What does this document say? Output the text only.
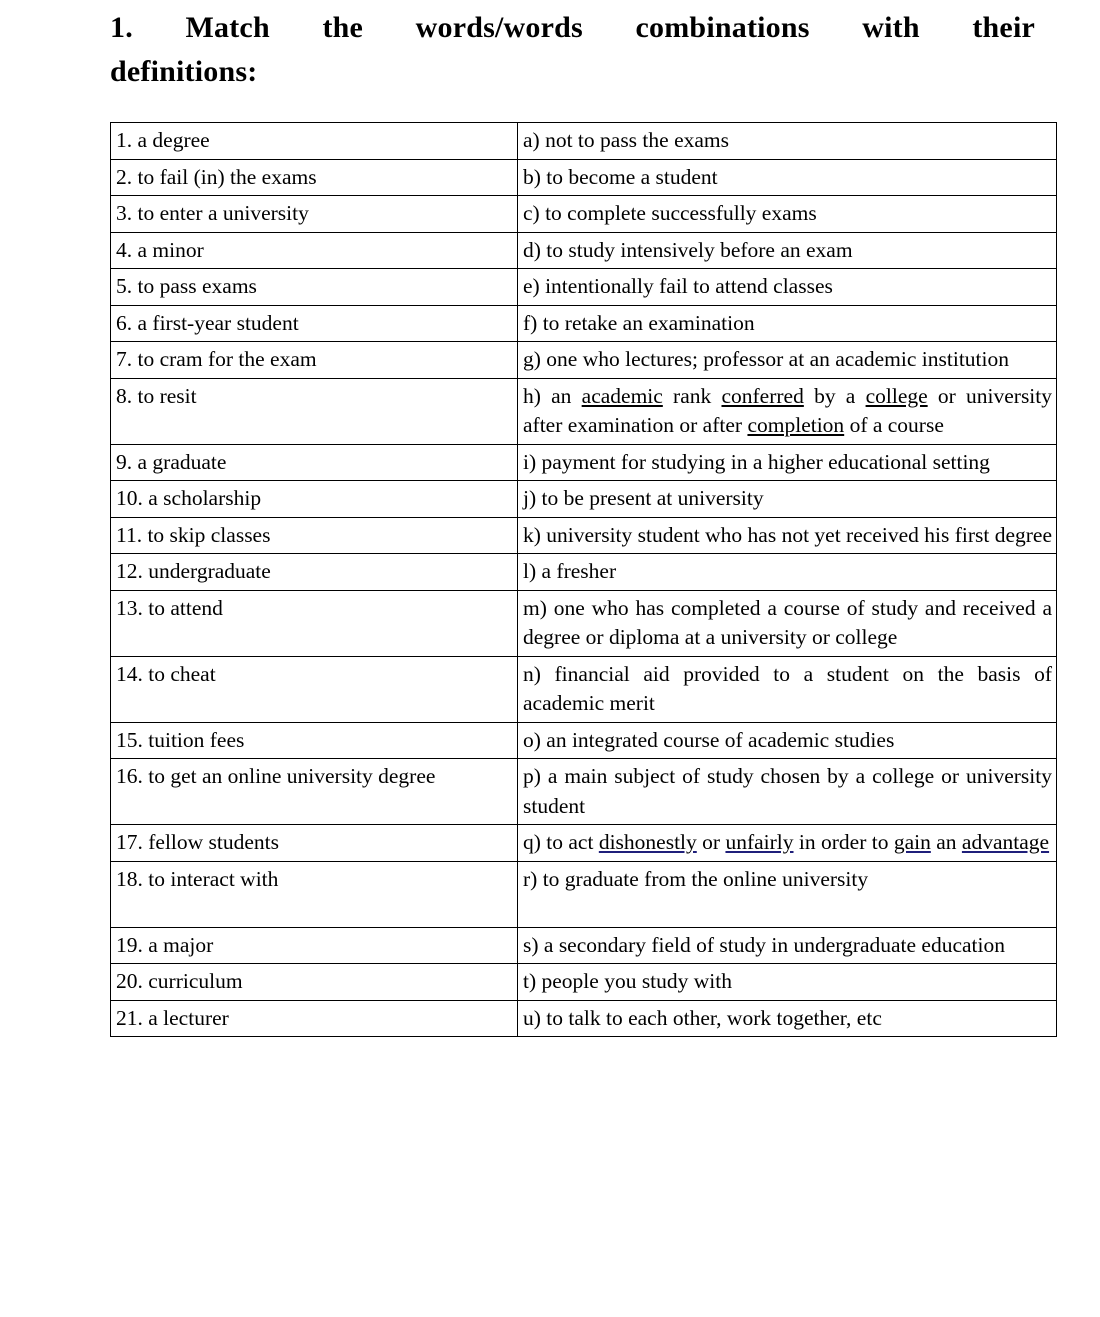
1. Match the words/words combinations with their
definitions:
1. a degree	a) not to pass the exams
2. to fail (in) the exams	b) to become a student
3. to enter a university	c) to complete successfully exams
4. a minor	d) to study intensively before an exam
5. to pass exams	e) intentionally fail to attend classes
6. a first-year student	f) to retake an examination
7. to cram for the exam	g) one who lectures; professor at an academic institution
8. to resit	h) an academic rank conferred by a college or university after examination or after completion of a course
9. a graduate	i) payment for studying in a higher educational setting
10. a scholarship	j) to be present at university
11. to skip classes	k) university student who has not yet received his first degree
12. undergraduate	l) a fresher
13. to attend	m) one who has completed a course of study and received a degree or diploma at a university or college
14. to cheat	n) financial aid provided to a student on the basis of academic merit
15. tuition fees	o) an integrated course of academic studies
16. to get an online university degree	p) a main subject of study chosen by a college or university student
17. fellow students	q) to act dishonestly or unfairly in order to gain an advantage
18. to interact with	r) to graduate from the online university

19. a major	s) a secondary field of study in undergraduate education
20. curriculum	t) people you study with
21. a lecturer	u) to talk to each other, work together, etc
